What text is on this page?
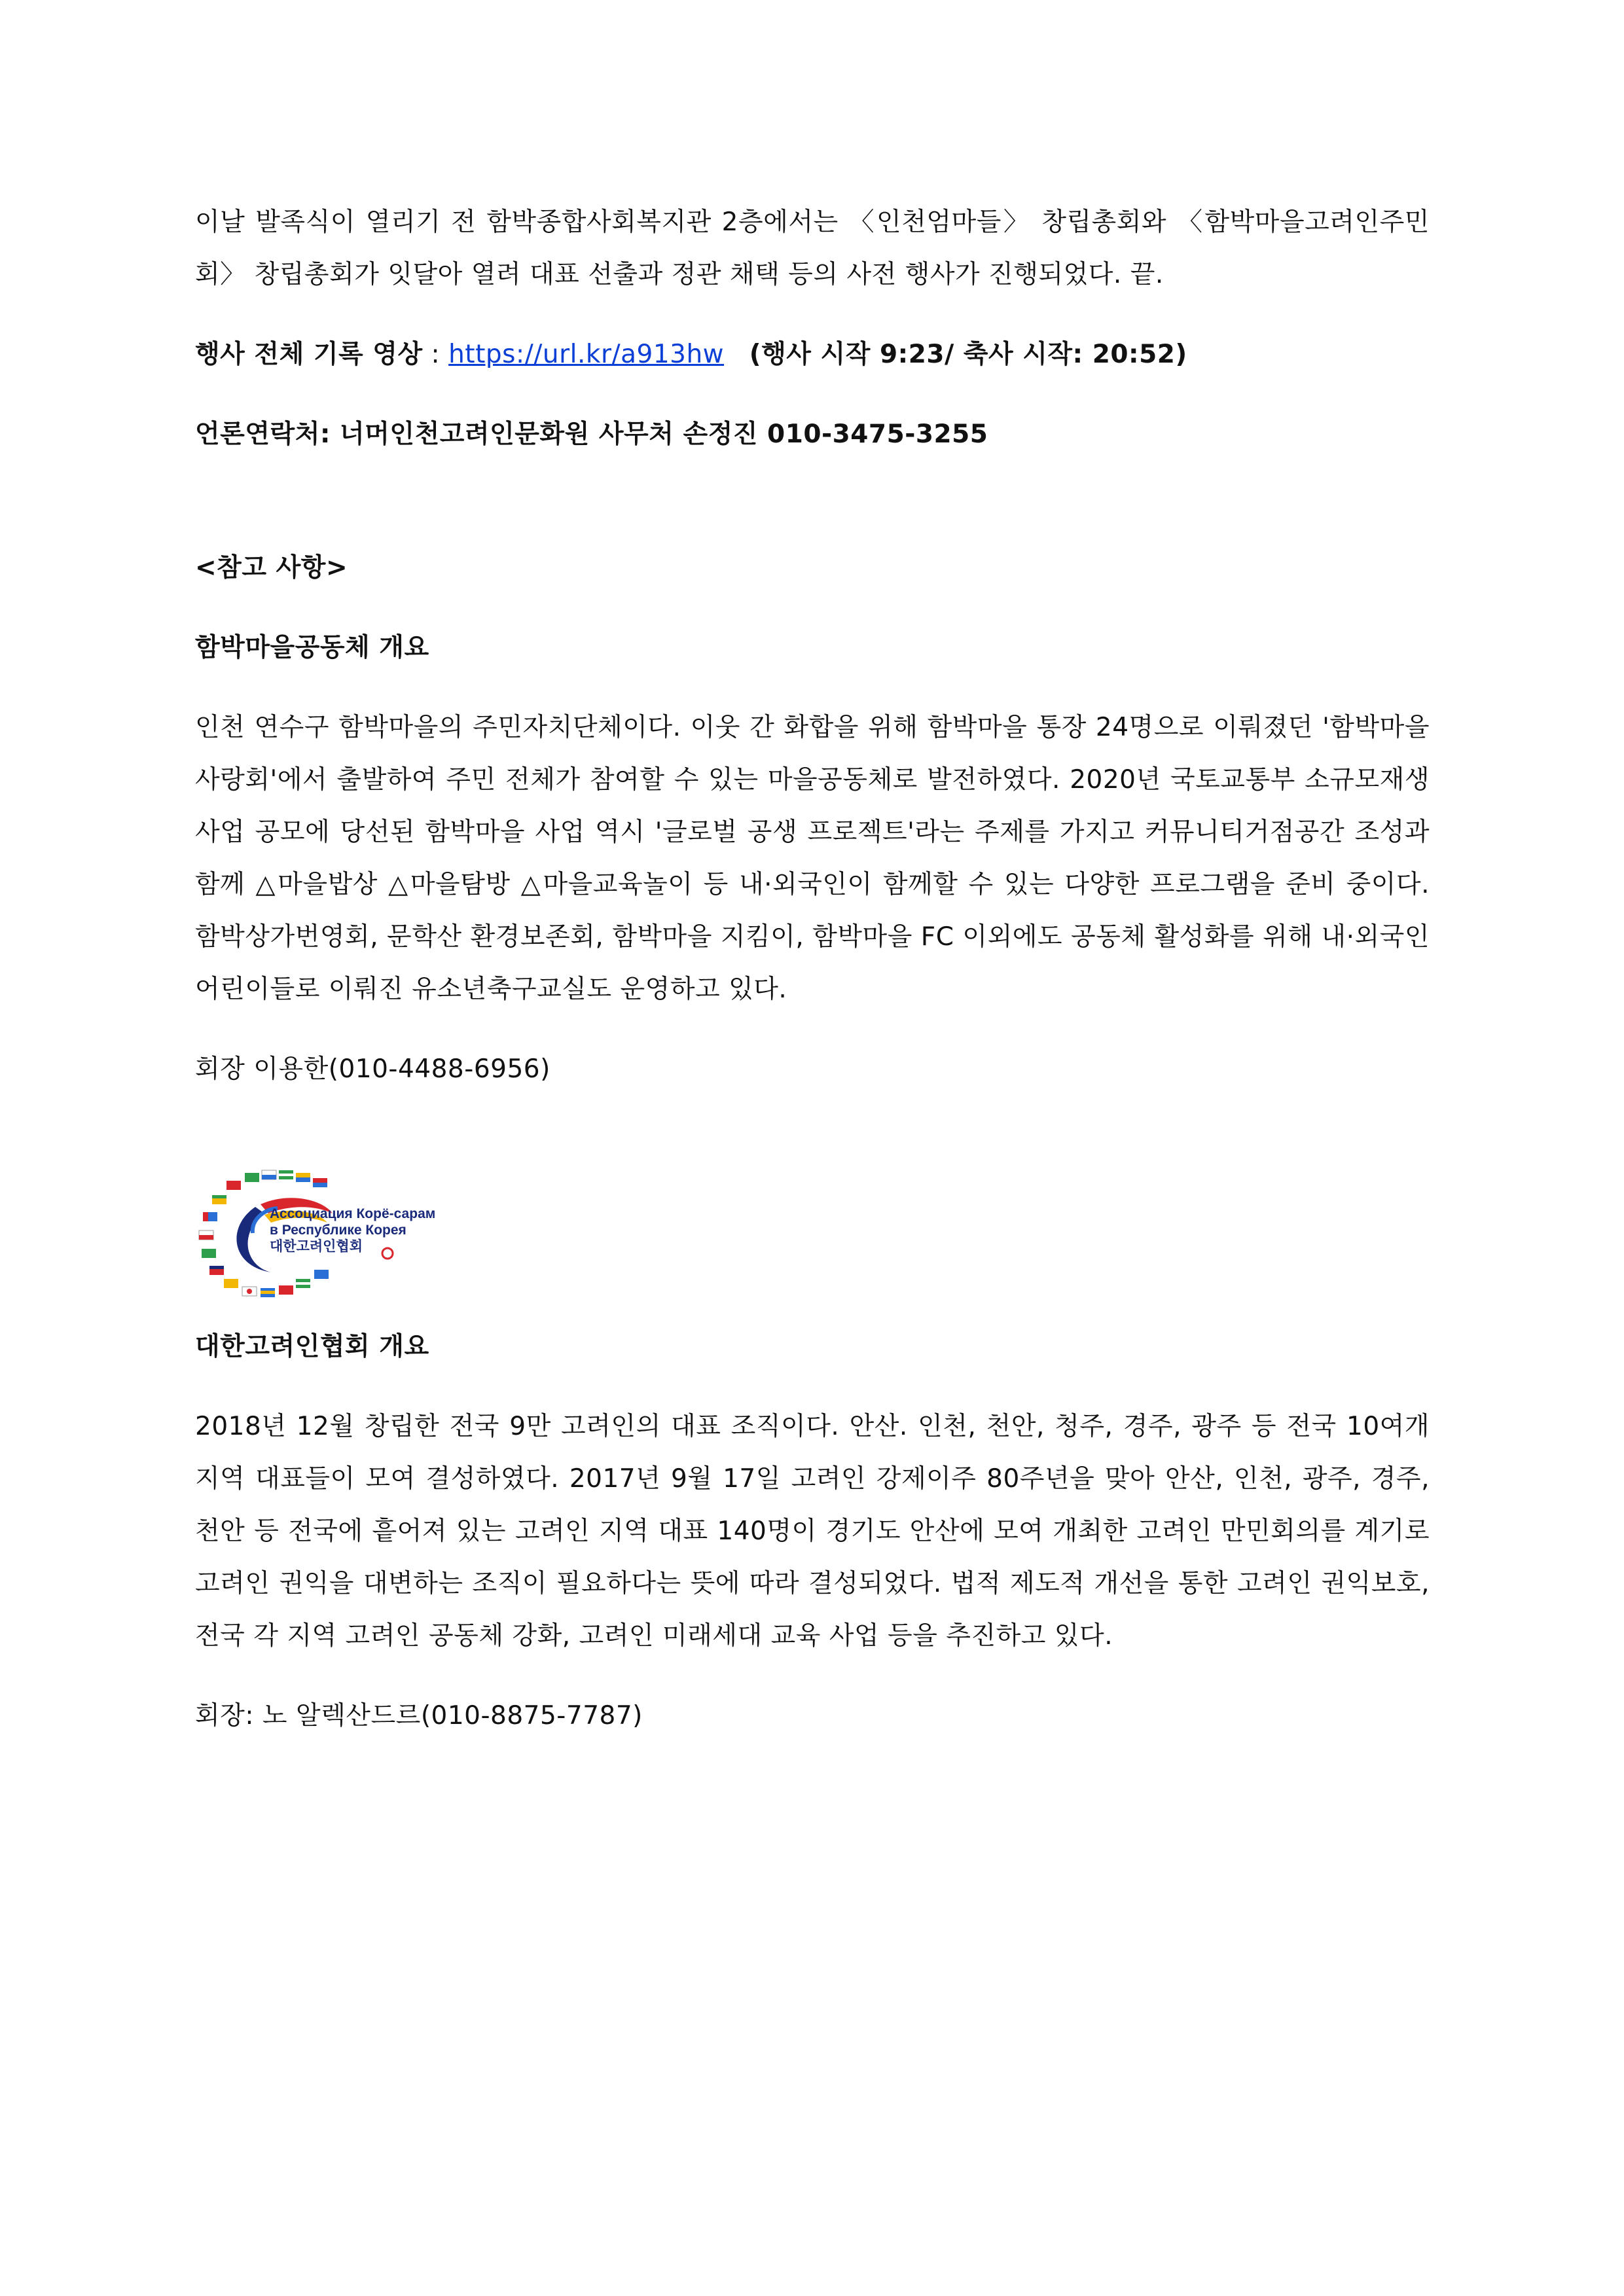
이날 발족식이 열리기 전 함박종합사회복지관 2층에서는 〈인천엄마들〉 창립총회와 〈함박마을고려인주민회〉 창립총회가 잇달아 열려 대표 선출과 정관 채택 등의 사전 행사가 진행되었다. 끝.

행사 전체 기록 영상 : https://url.kr/a913hw (행사 시작 9:23/ 축사 시작: 20:52)

언론연락처: 너머인천고려인문화원 사무처 손정진 010-3475-3255

<참고 사항>

함박마을공동체 개요

인천 연수구 함박마을의 주민자치단체이다. 이웃 간 화합을 위해 함박마을 통장 24명으로 이뤄졌던 '함박마을사랑회'에서 출발하여 주민 전체가 참여할 수 있는 마을공동체로 발전하였다. 2020년 국토교통부 소규모재생사업 공모에 당선된 함박마을 사업 역시 '글로벌 공생 프로젝트'라는 주제를 가지고 커뮤니티거점공간 조성과 함께 △마을밥상 △마을탐방 △마을교육놀이 등 내·외국인이 함께할 수 있는 다양한 프로그램을 준비 중이다. 함박상가번영회, 문학산 환경보존회, 함박마을 지킴이, 함박마을 FC 이외에도 공동체 활성화를 위해 내·외국인 어린이들로 이뤄진 유소년축구교실도 운영하고 있다.

회장 이용한(010-4488-6956)

Ассоциация Корё-сарам
в Республике Корея
대한고려인협회

대한고려인협회 개요

2018년 12월 창립한 전국 9만 고려인의 대표 조직이다. 안산. 인천, 천안, 청주, 경주, 광주 등 전국 10여개 지역 대표들이 모여 결성하였다. 2017년 9월 17일 고려인 강제이주 80주년을 맞아 안산, 인천, 광주, 경주, 천안 등 전국에 흩어져 있는 고려인 지역 대표 140명이 경기도 안산에 모여 개최한 고려인 만민회의를 계기로 고려인 권익을 대변하는 조직이 필요하다는 뜻에 따라 결성되었다. 법적 제도적 개선을 통한 고려인 권익보호, 전국 각 지역 고려인 공동체 강화, 고려인 미래세대 교육 사업 등을 추진하고 있다.

회장: 노 알렉산드르(010-8875-7787)
